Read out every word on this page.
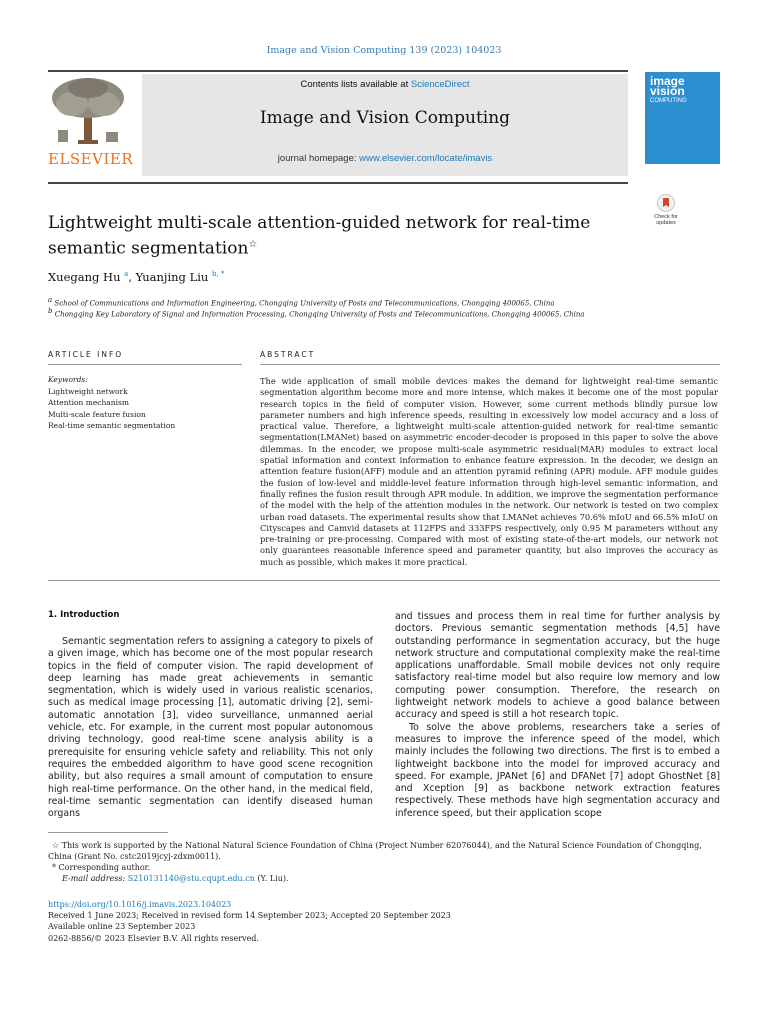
Image and Vision Computing 139 (2023) 104023
ELSEVIER
Contents lists available at ScienceDirect
Image and Vision Computing
journal homepage: www.elsevier.com/locate/imavis
image
vision
COMPUTING
Check for updates
Lightweight multi-scale attention-guided network for real-time
semantic segmentation☆
Xuegang Hu $^a$, Yuanjing Liu $^{b, *}$
$^a$ School of Communications and Information Engineering, Chongqing University of Posts and Telecommunications, Chongqing 400065, China
$^b$ Chongqing Key Laboratory of Signal and Information Processing, Chongqing University of Posts and Telecommunications, Chongqing 400065, China
ARTICLE INFO	ABSTRACT
Keywords:
Lightweight network
Attention mechanism
Multi-scale feature fusion
Real-time semantic segmentation
The wide application of small mobile devices makes the demand for lightweight real-time semantic segmentation algorithm become more and more intense, which makes it become one of the most popular research topics in the field of computer vision. However, some current methods blindly pursue low parameter numbers and high inference speeds, resulting in excessively low model accuracy and a loss of practical value. Therefore, a lightweight multi-scale attention-guided network for real-time semantic segmentation(LMANet) based on asymmetric encoder-decoder is proposed in this paper to solve the above dilemmas. In the encoder, we propose multi-scale asymmetric residual(MAR) modules to extract local spatial information and context information to enhance feature expression. In the decoder, we design an attention feature fusion(AFF) module and an attention pyramid refining (APR) module. AFF module guides the fusion of low-level and middle-level feature information through high-level semantic information, and finally refines the fusion result through APR module. In addition, we improve the segmentation performance of the model with the help of the attention modules in the network. Our network is tested on two complex urban road datasets. The experimental results show that LMANet achieves 70.6% mIoU and 66.5% mIoU on Cityscapes and Camvid datasets at 112FPS and 333FPS respectively, only 0.95 M parameters without any pre-training or pre-processing. Compared with most of existing state-of-the-art models, our network not only guarantees reasonable inference speed and parameter quantity, but also improves the accuracy as much as possible, which makes it more practical.
1. Introduction

Semantic segmentation refers to assigning a category to pixels of a given image, which has become one of the most popular research topics in the field of computer vision. The rapid development of deep learning has made great achievements in semantic segmentation, which is widely used in various realistic scenarios, such as medical image processing [1], automatic driving [2], semi-automatic annotation [3], video surveillance, unmanned aerial vehicle, etc. For example, in the current most popular autonomous driving technology, good real-time scene analysis ability is a prerequisite for ensuring vehicle safety and reliability. This not only requires the embedded algorithm to have good scene recognition ability, but also requires a small amount of computation to ensure high real-time performance. On the other hand, in the medical field, real-time semantic segmentation can identify diseased human organs

and tissues and process them in real time for further analysis by doctors. Previous semantic segmentation methods [4,5] have outstanding performance in segmentation accuracy, but the huge network structure and computational complexity make the real-time applications unaffordable. Small mobile devices not only require satisfactory real-time model but also require low memory and low computing power consumption. Therefore, the research on lightweight network models to achieve a good balance between accuracy and speed is still a hot research topic.

To solve the above problems, researchers take a series of measures to improve the inference speed of the model, which mainly includes the following two directions. The first is to embed a lightweight backbone into the model for improved accuracy and speed. For example, JPANet [6] and DFANet [7] adopt GhostNet [8] and Xception [9] as backbone network extraction features respectively. These methods have high segmentation accuracy and inference speed, but their application scope

☆ This work is supported by the National Natural Science Foundation of China (Project Number 62076044), and the Natural Science Foundation of Chongqing, China (Grant No. cstc2019jcyj-zdxm0011).
* Corresponding author.
E-mail address: S210131140@stu.cqupt.edu.cn (Y. Liu).
https://doi.org/10.1016/j.imavis.2023.104023
Received 1 June 2023; Received in revised form 14 September 2023; Accepted 20 September 2023
Available online 23 September 2023
0262-8856/© 2023 Elsevier B.V. All rights reserved.
